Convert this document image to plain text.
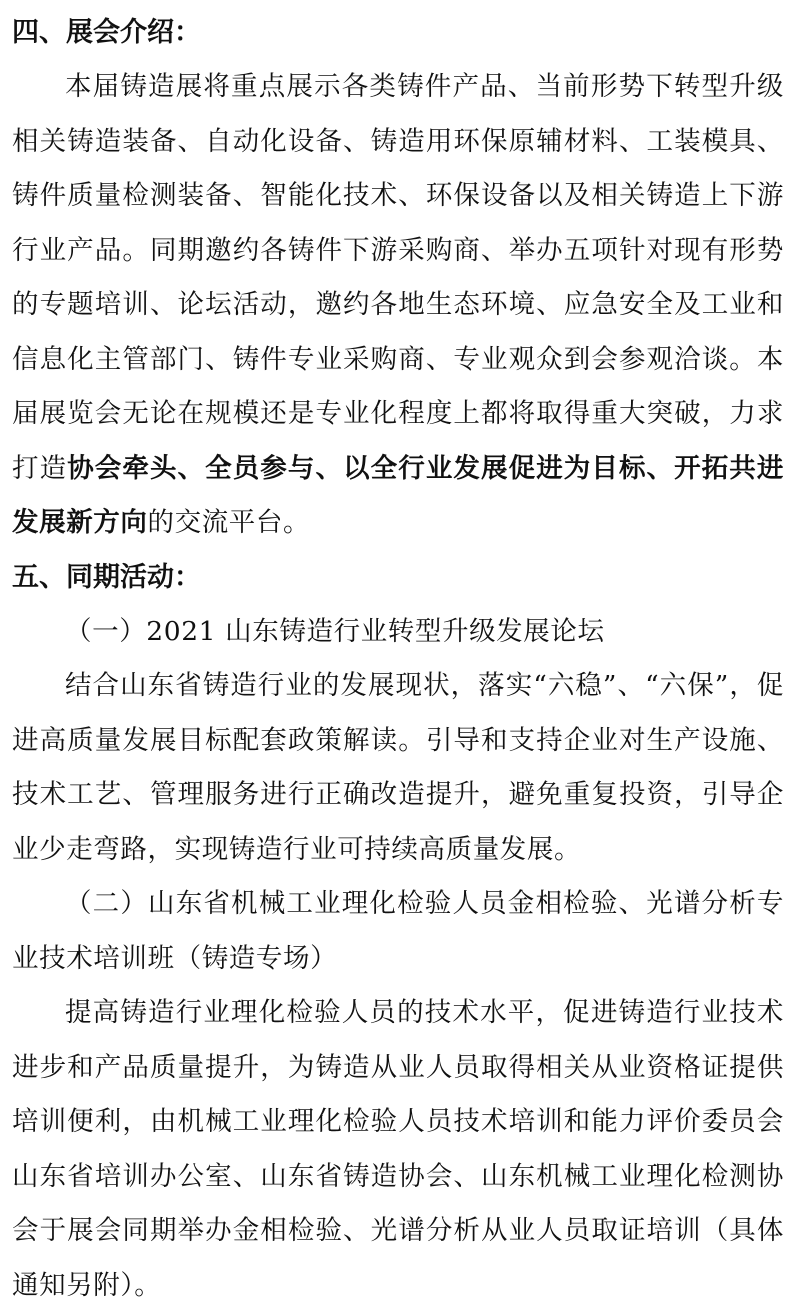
四、展会介绍：

本届铸造展将重点展示各类铸件产品、当前形势下转型升级相关铸造装备、自动化设备、铸造用环保原辅材料、工装模具、铸件质量检测装备、智能化技术、环保设备以及相关铸造上下游行业产品。同期邀约各铸件下游采购商、举办五项针对现有形势的专题培训、论坛活动，邀约各地生态环境、应急安全及工业和信息化主管部门、铸件专业采购商、专业观众到会参观洽谈。本届展览会无论在规模还是专业化程度上都将取得重大突破，力求打造协会牵头、全员参与、以全行业发展促进为目标、开拓共进发展新方向的交流平台。

五、同期活动：

（一）2021 山东铸造行业转型升级发展论坛

结合山东省铸造行业的发展现状，落实“六稳”、“六保”，促进高质量发展目标配套政策解读。引导和支持企业对生产设施、技术工艺、管理服务进行正确改造提升，避免重复投资，引导企业少走弯路，实现铸造行业可持续高质量发展。

（二）山东省机械工业理化检验人员金相检验、光谱分析专业技术培训班（铸造专场）

提高铸造行业理化检验人员的技术水平，促进铸造行业技术进步和产品质量提升，为铸造从业人员取得相关从业资格证提供培训便利，由机械工业理化检验人员技术培训和能力评价委员会山东省培训办公室、山东省铸造协会、山东机械工业理化检测协会于展会同期举办金相检验、光谱分析从业人员取证培训（具体通知另附）。
